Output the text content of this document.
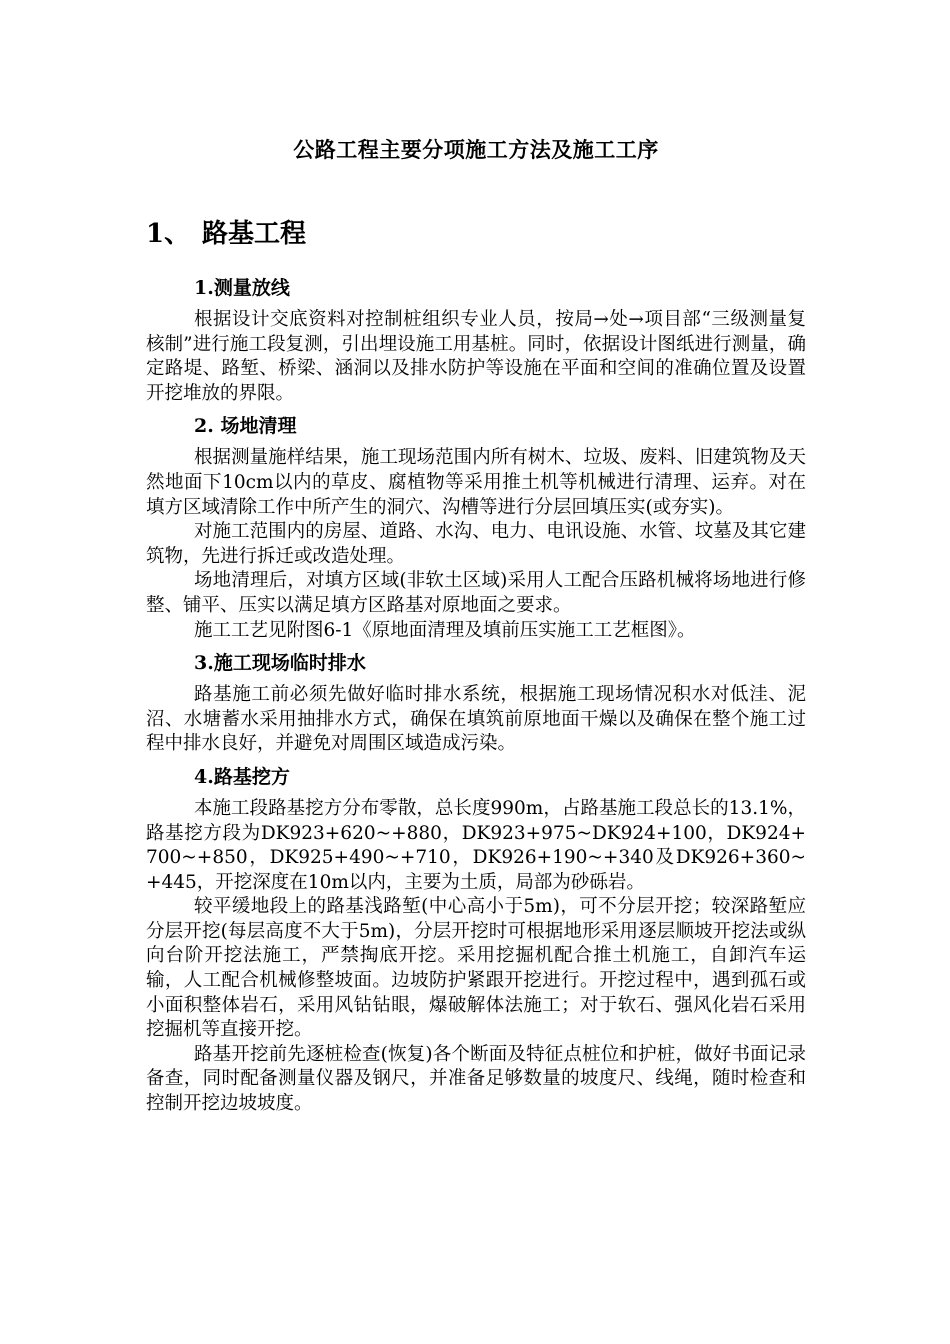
公路工程主要分项施工方法及施工工序
1、 路基工程
1.测量放线

根据设计交底资料对控制桩组织专业人员，按局→处→项目部“三级测量复核制”进行施工段复测，引出埋设施工用基桩。同时，依据设计图纸进行测量，确定路堤、路堑、桥梁、涵洞以及排水防护等设施在平面和空间的准确位置及设置开挖堆放的界限。

2. 场地清理

根据测量施样结果，施工现场范围内所有树木、垃圾、废料、旧建筑物及天然地面下10cm以内的草皮、腐植物等采用推土机等机械进行清理、运弃。对在填方区域清除工作中所产生的洞穴、沟槽等进行分层回填压实(或夯实)。

对施工范围内的房屋、道路、水沟、电力、电讯设施、水管、坟墓及其它建筑物，先进行拆迁或改造处理。

场地清理后，对填方区域(非软土区域)采用人工配合压路机械将场地进行修整、铺平、压实以满足填方区路基对原地面之要求。

施工工艺见附图6-1《原地面清理及填前压实施工工艺框图》。

3.施工现场临时排水

路基施工前必须先做好临时排水系统，根据施工现场情况积水对低洼、泥沼、水塘蓄水采用抽排水方式，确保在填筑前原地面干燥以及确保在整个施工过程中排水良好，并避免对周围区域造成污染。

4.路基挖方

本施工段路基挖方分布零散，总长度990m，占路基施工段总长的13.1%，路基挖方段为DK923+620~+880，DK923+975~DK924+100，DK924+700~+850，DK925+490~+710，DK926+190~+340及DK926+360~+445，开挖深度在10m以内，主要为土质，局部为砂砾岩。

较平缓地段上的路基浅路堑(中心高小于5m)，可不分层开挖；较深路堑应分层开挖(每层高度不大于5m)，分层开挖时可根据地形采用逐层顺坡开挖法或纵向台阶开挖法施工，严禁掏底开挖。采用挖掘机配合推土机施工，自卸汽车运输，人工配合机械修整坡面。边坡防护紧跟开挖进行。开挖过程中，遇到孤石或小面积整体岩石，采用风钻钻眼，爆破解体法施工；对于软石、强风化岩石采用挖掘机等直接开挖。

路基开挖前先逐桩检查(恢复)各个断面及特征点桩位和护桩，做好书面记录备查，同时配备测量仪器及钢尺，并准备足够数量的坡度尺、线绳，随时检查和控制开挖边坡坡度。
